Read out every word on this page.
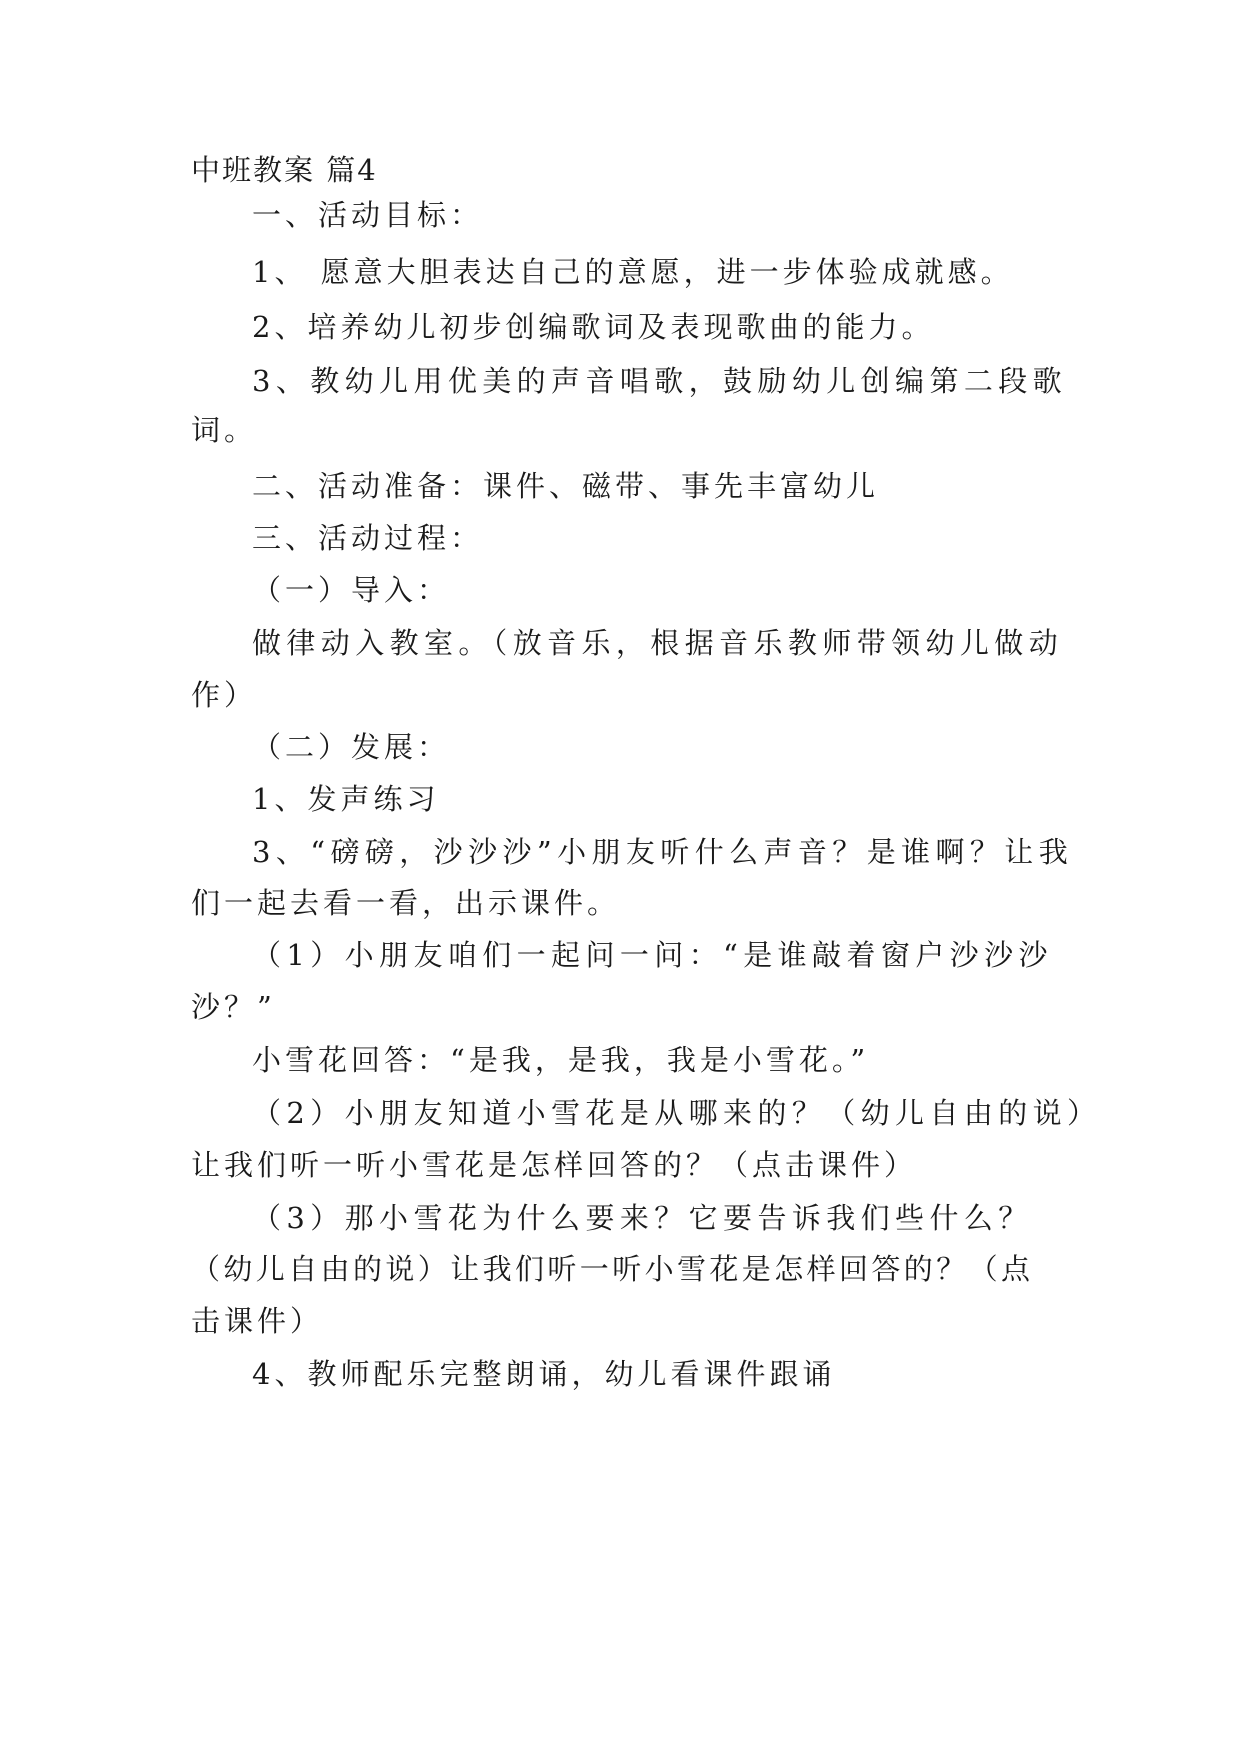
中班教案 篇4
一、活动目标：
1、 愿意大胆表达自己的意愿，进一步体验成就感。
2、培养幼儿初步创编歌词及表现歌曲的能力。
3、教幼儿用优美的声音唱歌，鼓励幼儿创编第二段歌
词。
二、活动准备：课件、磁带、事先丰富幼儿
三、活动过程：
（一）导入：
做律动入教室。（放音乐，根据音乐教师带领幼儿做动
作）
（二）发展：
1、发声练习
3、“磅磅，沙沙沙”小朋友听什么声音？是谁啊？让我
们一起去看一看，出示课件。
（1）小朋友咱们一起问一问：“是谁敲着窗户沙沙沙
沙？”
小雪花回答：“是我，是我，我是小雪花。”
（2）小朋友知道小雪花是从哪来的？（幼儿自由的说）
让我们听一听小雪花是怎样回答的？（点击课件）
（3）那小雪花为什么要来？它要告诉我们些什么？
（幼儿自由的说）让我们听一听小雪花是怎样回答的？（点
击课件）
4、教师配乐完整朗诵，幼儿看课件跟诵
